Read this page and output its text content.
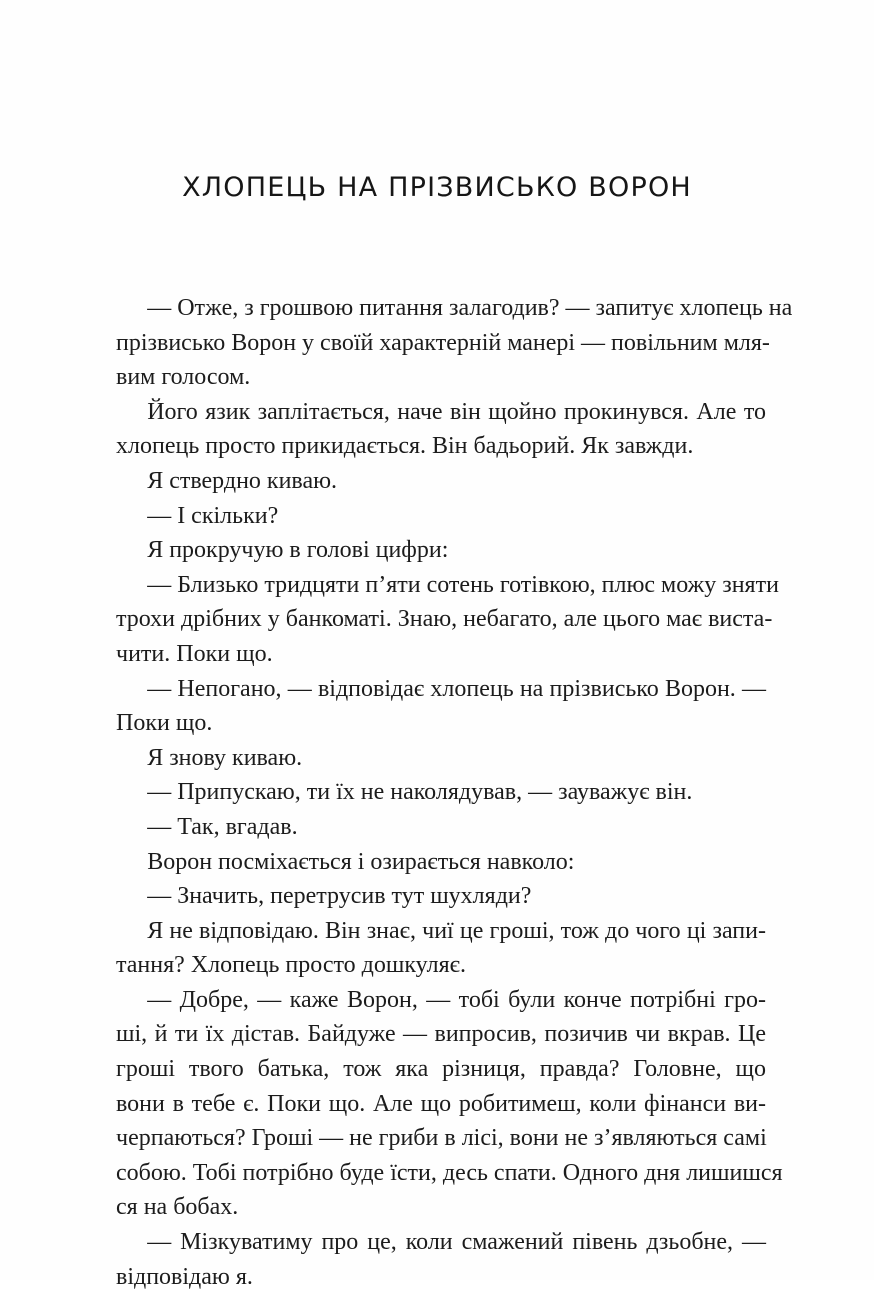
ХЛОПЕЦЬ НА ПРІЗВИСЬКО ВОРОН
— Отже, з грошвою питання залагодив? — запитує хлопець на
прізвисько Ворон у своїй характерній манері — повільним мля-
вим голосом.
Його язик заплітається, наче він щойно прокинувся. Але то
хлопець просто прикидається. Він бадьорий. Як завжди.
Я ствердно киваю.
— І скільки?
Я прокручую в голові цифри:
— Близько тридцяти п’яти сотень готівкою, плюс можу зняти
трохи дрібних у банкоматі. Знаю, небагато, але цього має виста-
чити. Поки що.
— Непогано, — відповідає хлопець на прізвисько Ворон. —
Поки що.
Я знову киваю.
— Припускаю, ти їх не наколядував, — зауважує він.
— Так, вгадав.
Ворон посміхається і озирається навколо:
— Значить, перетрусив тут шухляди?
Я не відповідаю. Він знає, чиї це гроші, тож до чого ці запи-
тання? Хлопець просто дошкуляє.
— Добре, — каже Ворон, — тобі були конче потрібні гро-
ші, й ти їх дістав. Байдуже — випросив, позичив чи вкрав. Це
гроші твого батька, тож яка різниця, правда? Головне, що
вони в тебе є. Поки що. Але що робитимеш, коли фінанси ви-
черпаються? Гроші — не гриби в лісі, вони не з’являються самі
собою. Тобі потрібно буде їсти, десь спати. Одного дня лишишся
ся на бобах.
— Мізкуватиму про це, коли смажений півень дзьобне, —
відповідаю я.
